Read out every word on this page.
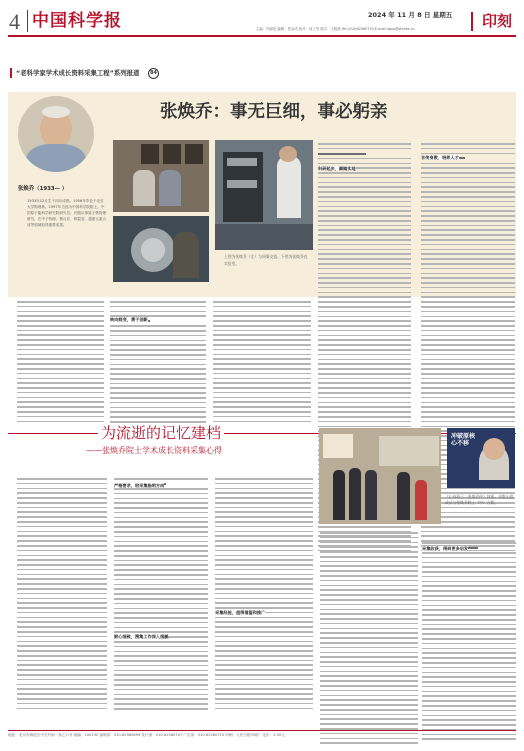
4 中国科学报	2024 年 11 月 8 日 星期五
主编：冯丽妃 编辑：张双虎 校对：何工劳 版式：王晓燕 Tel:(010)62580733 E-mail:hgao@stimes.cn	印刻
“老科学家学术成长资料采集工程”系列报道	84
张焕乔：事无巨细，事必躬亲
张焕乔（1933— ）
1933年12月生于四川成都。1956年毕业于北京大学物理系。1997年当选为中国科学院院士。中国原子能科学研究院研究员。长期从事原子核物理研究，在中子物理、核反应、核裂变、超重元素合成等领域取得重要成果。
上图为张焕乔（左）与同事交流。下图为张焕乔在实验室。
科研起步，脚踏实地
言传身教，培养人才
转向裂变，勇于创新
为流逝的记忆建档
——张焕乔院士学术成长资料采集心得
冲破原核心不移
《心向原子：张焕乔传》封面。采集小组成员与张焕乔院士（中）合影。
严格要求，给采集指明方向
耐心细致，搜集工作深入细腻
采集经验，值得借鉴和推广
采集收获，得到更多启发
地址：北京市海淀区中关村南一条乙六号 邮编：100190 编辑部：010-62580699 发行部：010-62580707 广告部：010-62580715 印刷：人民日报印刷厂 定价：2.50元
